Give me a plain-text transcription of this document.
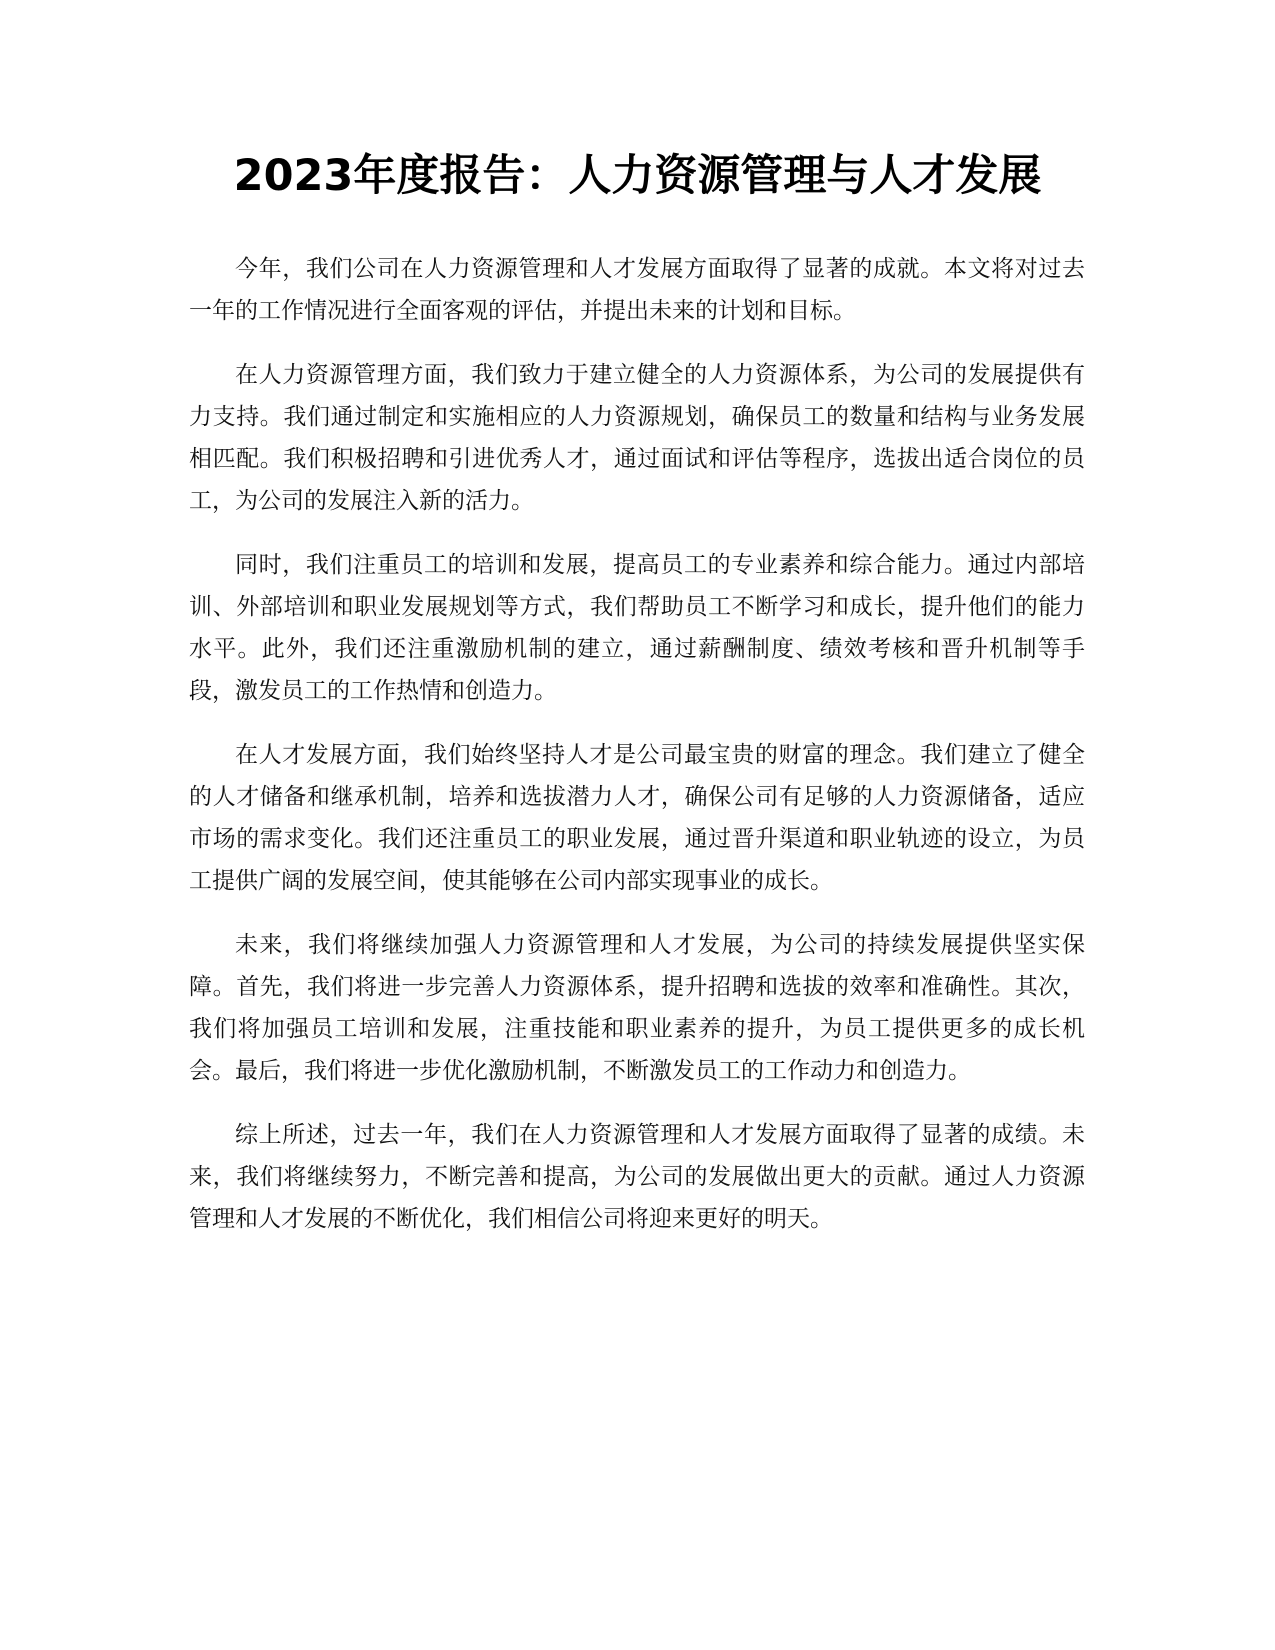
2023年度报告：人力资源管理与人才发展

今年，我们公司在人力资源管理和人才发展方面取得了显著的成就。本文将对过去一年的工作情况进行全面客观的评估，并提出未来的计划和目标。

在人力资源管理方面，我们致力于建立健全的人力资源体系，为公司的发展提供有力支持。我们通过制定和实施相应的人力资源规划，确保员工的数量和结构与业务发展相匹配。我们积极招聘和引进优秀人才，通过面试和评估等程序，选拔出适合岗位的员工，为公司的发展注入新的活力。

同时，我们注重员工的培训和发展，提高员工的专业素养和综合能力。通过内部培训、外部培训和职业发展规划等方式，我们帮助员工不断学习和成长，提升他们的能力水平。此外，我们还注重激励机制的建立，通过薪酬制度、绩效考核和晋升机制等手段，激发员工的工作热情和创造力。

在人才发展方面，我们始终坚持人才是公司最宝贵的财富的理念。我们建立了健全的人才储备和继承机制，培养和选拔潜力人才，确保公司有足够的人力资源储备，适应市场的需求变化。我们还注重员工的职业发展，通过晋升渠道和职业轨迹的设立，为员工提供广阔的发展空间，使其能够在公司内部实现事业的成长。

未来，我们将继续加强人力资源管理和人才发展，为公司的持续发展提供坚实保障。首先，我们将进一步完善人力资源体系，提升招聘和选拔的效率和准确性。其次，我们将加强员工培训和发展，注重技能和职业素养的提升，为员工提供更多的成长机会。最后，我们将进一步优化激励机制，不断激发员工的工作动力和创造力。

综上所述，过去一年，我们在人力资源管理和人才发展方面取得了显著的成绩。未来，我们将继续努力，不断完善和提高，为公司的发展做出更大的贡献。通过人力资源管理和人才发展的不断优化，我们相信公司将迎来更好的明天。
